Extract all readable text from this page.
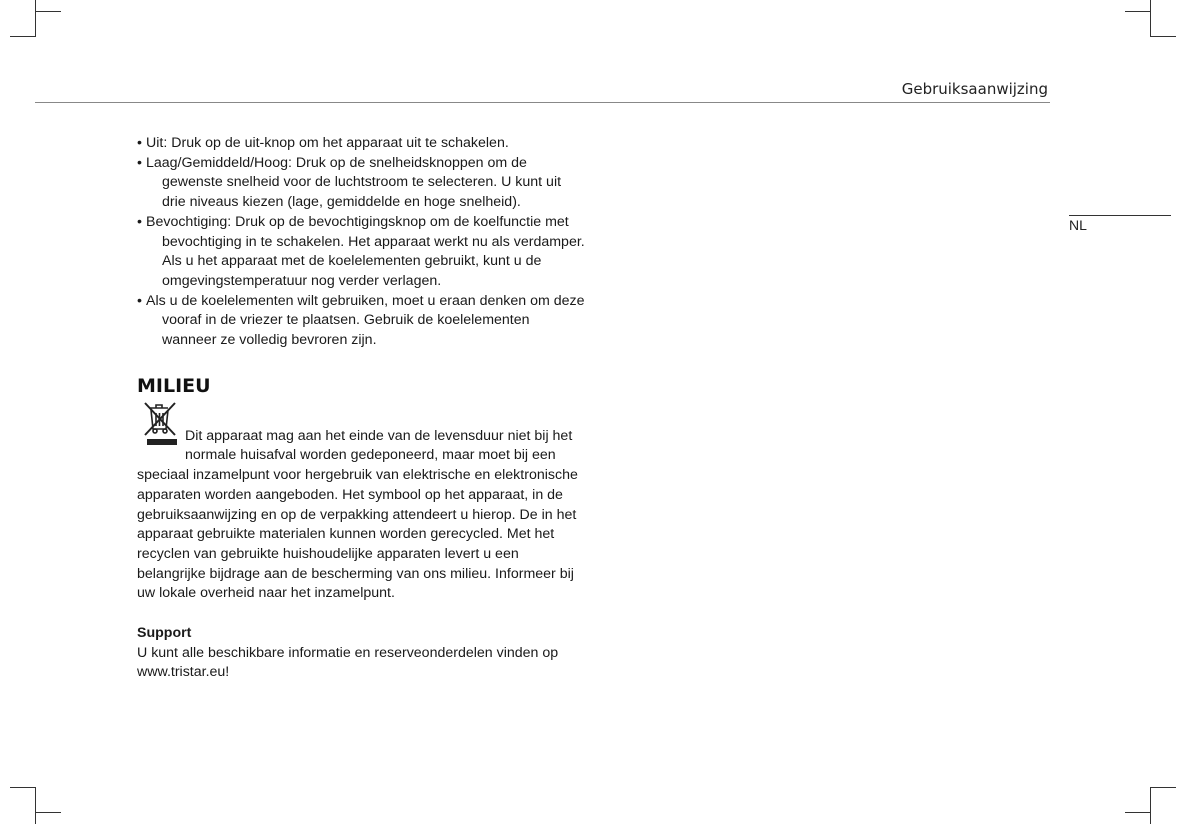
Gebruiksaanwijzing
NL
• Uit: Druk op de uit-knop om het apparaat uit te schakelen.
• Laag/Gemiddeld/Hoog: Druk op de snelheidsknoppen om de gewenste snelheid voor de luchtstroom te selecteren. U kunt uit drie niveaus kiezen (lage, gemiddelde en hoge snelheid).
• Bevochtiging: Druk op de bevochtigingsknop om de koelfunctie met bevochtiging in te schakelen. Het apparaat werkt nu als verdamper. Als u het apparaat met de koelelementen gebruikt, kunt u de omgevingstemperatuur nog verder verlagen.
• Als u de koelelementen wilt gebruiken, moet u eraan denken om deze vooraf in de vriezer te plaatsen. Gebruik de koelelementen wanneer ze volledig bevroren zijn.
MILIEU

Dit apparaat mag aan het einde van de levensduur niet bij het normale huisafval worden gedeponeerd, maar moet bij een speciaal inzamelpunt voor hergebruik van elektrische en elektronische apparaten worden aangeboden. Het symbool op het apparaat, in de gebruiksaanwijzing en op de verpakking attendeert u hierop. De in het apparaat gebruikte materialen kunnen worden gerecycled. Met het recyclen van gebruikte huishoudelijke apparaten levert u een belangrijke bijdrage aan de bescherming van ons milieu. Informeer bij uw lokale overheid naar het inzamelpunt.

Support

U kunt alle beschikbare informatie en reserveonderdelen vinden op www.tristar.eu!
